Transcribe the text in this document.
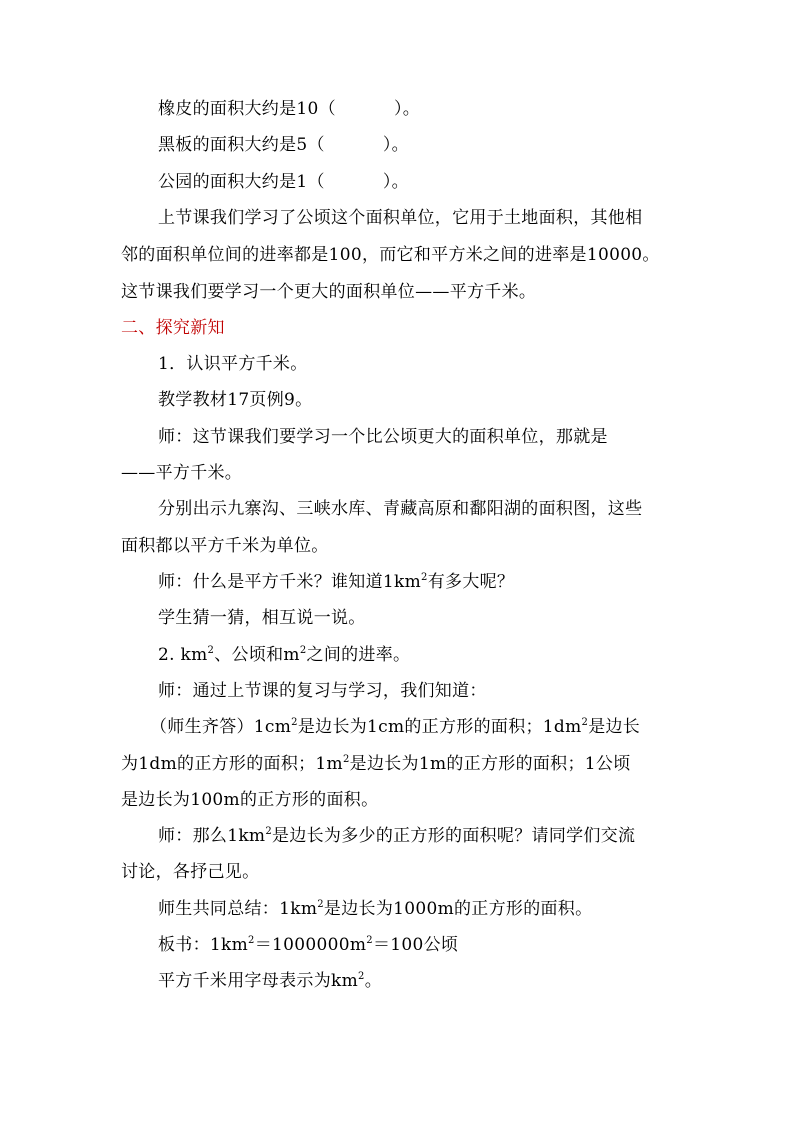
橡皮的面积大约是10（	）。
黑板的面积大约是5（	）。
公园的面积大约是1（	）。
上节课我们学习了公顷这个面积单位，它用于土地面积，其他相
邻的面积单位间的进率都是100，而它和平方米之间的进率是10000。
这节课我们要学习一个更大的面积单位——平方千米。
二、探究新知
1．认识平方千米。
教学教材17页例9。
师：这节课我们要学习一个比公顷更大的面积单位，那就是
——平方千米。
分别出示九寨沟、三峡水库、青藏高原和鄱阳湖的面积图，这些
面积都以平方千米为单位。
师：什么是平方千米？谁知道$1km^2$有多大呢？
学生猜一猜，相互说一说。
2. $km^2$、公顷和$m^2$之间的进率。
师：通过上节课的复习与学习，我们知道：
（师生齐答）$1cm^2$是边长为1cm的正方形的面积；$1dm^2$是边长
为1dm的正方形的面积；$1m^2$是边长为1m的正方形的面积；1公顷
是边长为100m的正方形的面积。
师：那么$1km^2$是边长为多少的正方形的面积呢？请同学们交流
讨论，各抒己见。
师生共同总结：$1km^2$是边长为1000m的正方形的面积。
板书：$1km^2=1000000m^2=100$公顷
平方千米用字母表示为$km^2$。
